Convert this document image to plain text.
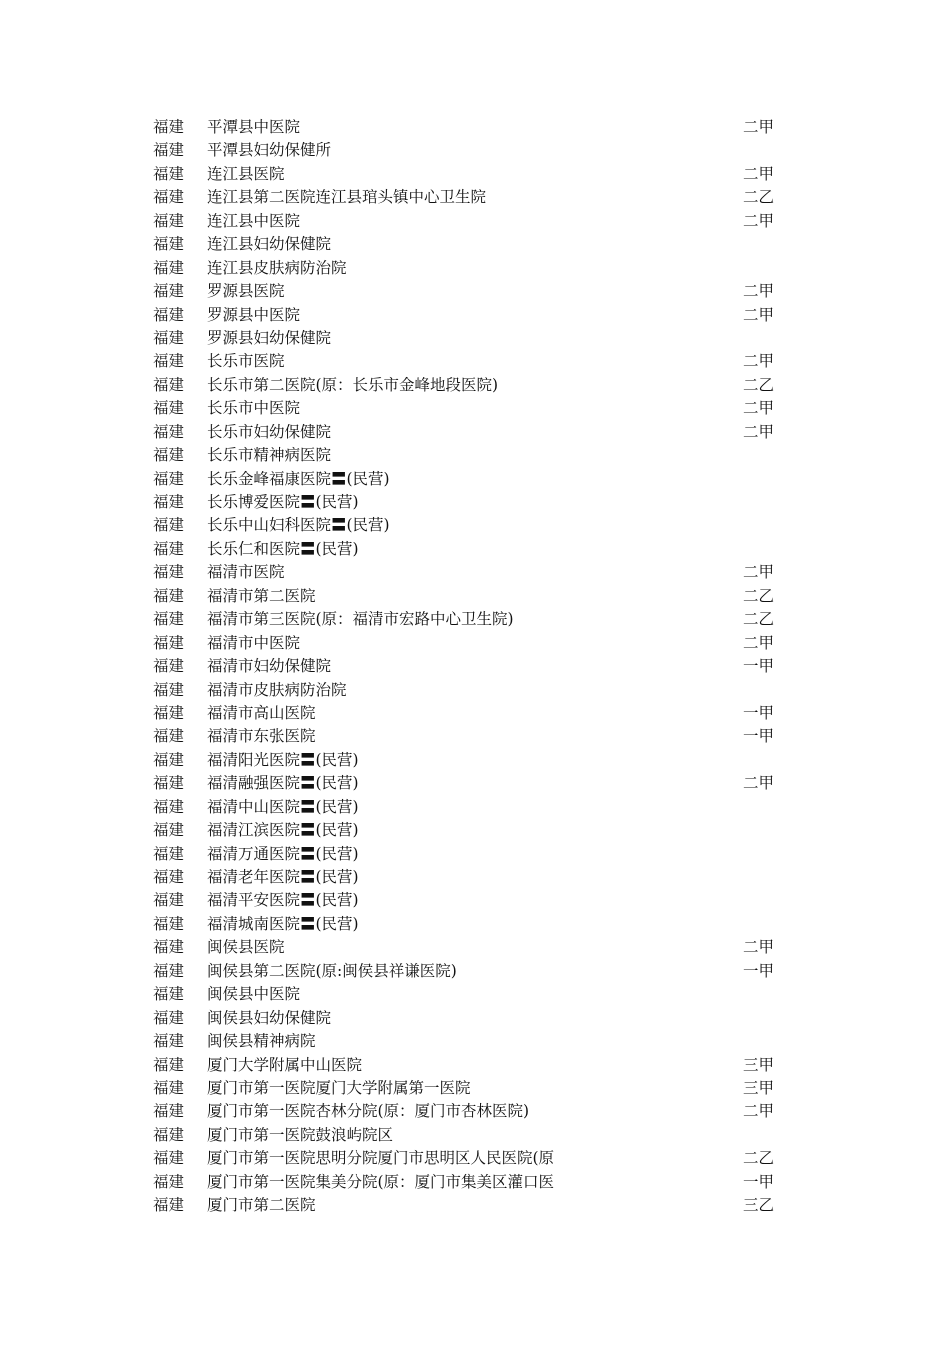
福建 平潭县中医院	二甲
福建 平潭县妇幼保健所
福建 连江县医院	二甲
福建 连江县第二医院连江县琯头镇中心卫生院	二乙
福建 连江县中医院	二甲
福建 连江县妇幼保健院
福建 连江县皮肤病防治院
福建 罗源县医院	二甲
福建 罗源县中医院	二甲
福建 罗源县妇幼保健院
福建 长乐市医院	二甲
福建 长乐市第二医院(原：长乐市金峰地段医院)	二乙
福建 长乐市中医院	二甲
福建 长乐市妇幼保健院	二甲
福建 长乐市精神病医院
福建 长乐金峰福康医院〓(民营)
福建 长乐博爱医院〓(民营)
福建 长乐中山妇科医院〓(民营)
福建 长乐仁和医院〓(民营)
福建 福清市医院	二甲
福建 福清市第二医院	二乙
福建 福清市第三医院(原：福清市宏路中心卫生院)	二乙
福建 福清市中医院	二甲
福建 福清市妇幼保健院	一甲
福建 福清市皮肤病防治院
福建 福清市高山医院	一甲
福建 福清市东张医院	一甲
福建 福清阳光医院〓(民营)
福建 福清融强医院〓(民营)	二甲
福建 福清中山医院〓(民营)
福建 福清江滨医院〓(民营)
福建 福清万通医院〓(民营)
福建 福清老年医院〓(民营)
福建 福清平安医院〓(民营)
福建 福清城南医院〓(民营)
福建 闽侯县医院	二甲
福建 闽侯县第二医院(原:闽侯县祥谦医院)	一甲
福建 闽侯县中医院
福建 闽侯县妇幼保健院
福建 闽侯县精神病院
福建 厦门大学附属中山医院	三甲
福建 厦门市第一医院厦门大学附属第一医院	三甲
福建 厦门市第一医院杏林分院(原：厦门市杏林医院)	二甲
福建 厦门市第一医院鼓浪屿院区
福建 厦门市第一医院思明分院厦门市思明区人民医院(原	二乙
福建 厦门市第一医院集美分院(原：厦门市集美区灌口医	一甲
福建 厦门市第二医院	三乙
